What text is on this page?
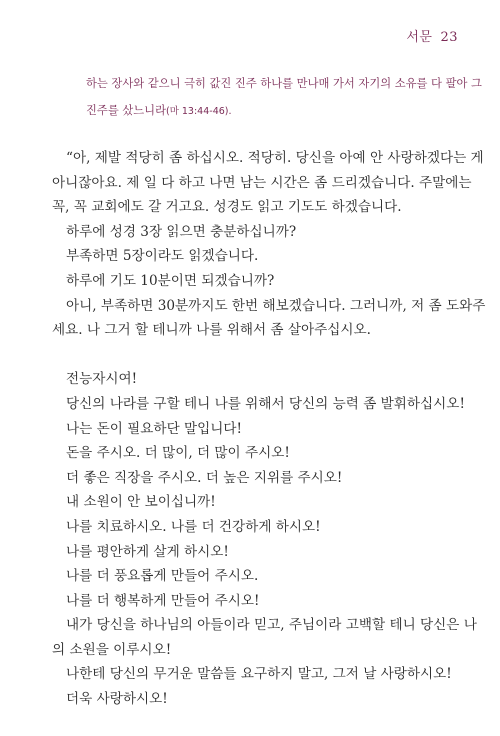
서문 23
하는 장사와 같으니 극히 값진 진주 하나를 만나매 가서 자기의 소유를 다 팔아 그
진주를 샀느니라(마 13:44-46).
“아, 제발 적당히 좀 하십시오. 적당히. 당신을 아예 안 사랑하겠다는 게
아니잖아요. 제 일 다 하고 나면 남는 시간은 좀 드리겠습니다. 주말에는
꼭, 꼭 교회에도 갈 거고요. 성경도 읽고 기도도 하겠습니다.
하루에 성경 3장 읽으면 충분하십니까?
부족하면 5장이라도 읽겠습니다.
하루에 기도 10분이면 되겠습니까?
아니, 부족하면 30분까지도 한번 해보겠습니다. 그러니까, 저 좀 도와주
세요. 나 그거 할 테니까 나를 위해서 좀 살아주십시오.
전능자시여!
당신의 나라를 구할 테니 나를 위해서 당신의 능력 좀 발휘하십시오!
나는 돈이 필요하단 말입니다!
돈을 주시오. 더 많이, 더 많이 주시오!
더 좋은 직장을 주시오. 더 높은 지위를 주시오!
내 소원이 안 보이십니까!
나를 치료하시오. 나를 더 건강하게 하시오!
나를 평안하게 살게 하시오!
나를 더 풍요롭게 만들어 주시오.
나를 더 행복하게 만들어 주시오!
내가 당신을 하나님의 아들이라 믿고, 주님이라 고백할 테니 당신은 나
의 소원을 이루시오!
나한테 당신의 무거운 말씀들 요구하지 말고, 그저 날 사랑하시오!
더욱 사랑하시오!
